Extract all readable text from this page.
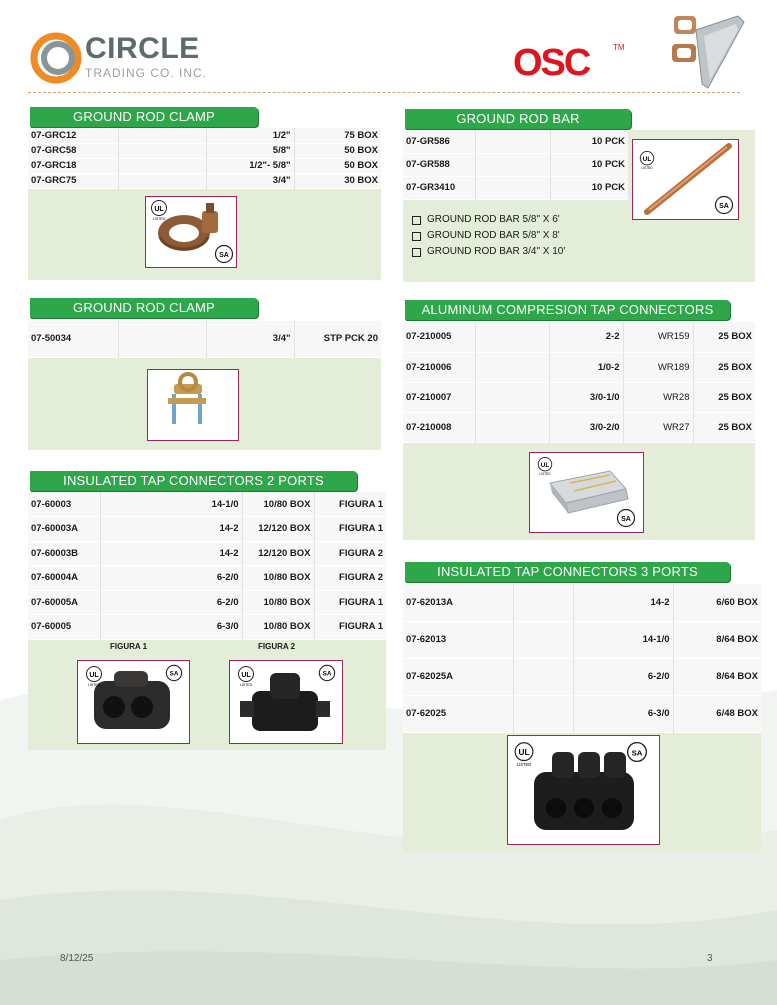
CIRCLE
TRADING CO. INC.	OSC	TM
07-GRC12		1/2"	75 BOX
07-GRC58		5/8"	50 BOX
07-GRC18		1/2"- 5/8"	50 BOX
07-GRC75		3/4"	30 BOX
GROUND ROD CLAMP
UL
LISTED
SA
07-GR586		10 PCK
07-GR588		10 PCK
07-GR3410		10 PCK
GROUND ROD BAR
UL
LISTED
SA
GROUND ROD BAR 5/8" X 6'
GROUND ROD BAR 5/8" X 8'
GROUND ROD BAR 3/4" X 10'
07-50034		3/4"	STP PCK 20
GROUND ROD CLAMP
07-210005		2-2	WR159	25 BOX
07-210006		1/0-2	WR189	25 BOX
07-210007		3/0-1/0	WR28	25 BOX
07-210008		3/0-2/0	WR27	25 BOX
ALUMINUM COMPRESION TAP CONNECTORS
UL
LISTED
SA
07-60003	14-1/0	10/80 BOX	FIGURA 1
07-60003A	14-2	12/120 BOX	FIGURA 1
07-60003B	14-2	12/120 BOX	FIGURA 2
07-60004A	6-2/0	10/80 BOX	FIGURA 2
07-60005A	6-2/0	10/80 BOX	FIGURA 1
07-60005	6-3/0	10/80 BOX	FIGURA 1
INSULATED TAP CONNECTORS 2 PORTS
FIGURA 1	FIGURA 2
UL
LISTED
SA	UL
LISTED
SA
07-62013A		14-2	6/60 BOX
07-62013		14-1/0	8/64 BOX
07-62025A		6-2/0	8/64 BOX
07-62025		6-3/0	6/48 BOX
INSULATED TAP CONNECTORS 3 PORTS
UL
LISTED
SA
8/12/25	3
